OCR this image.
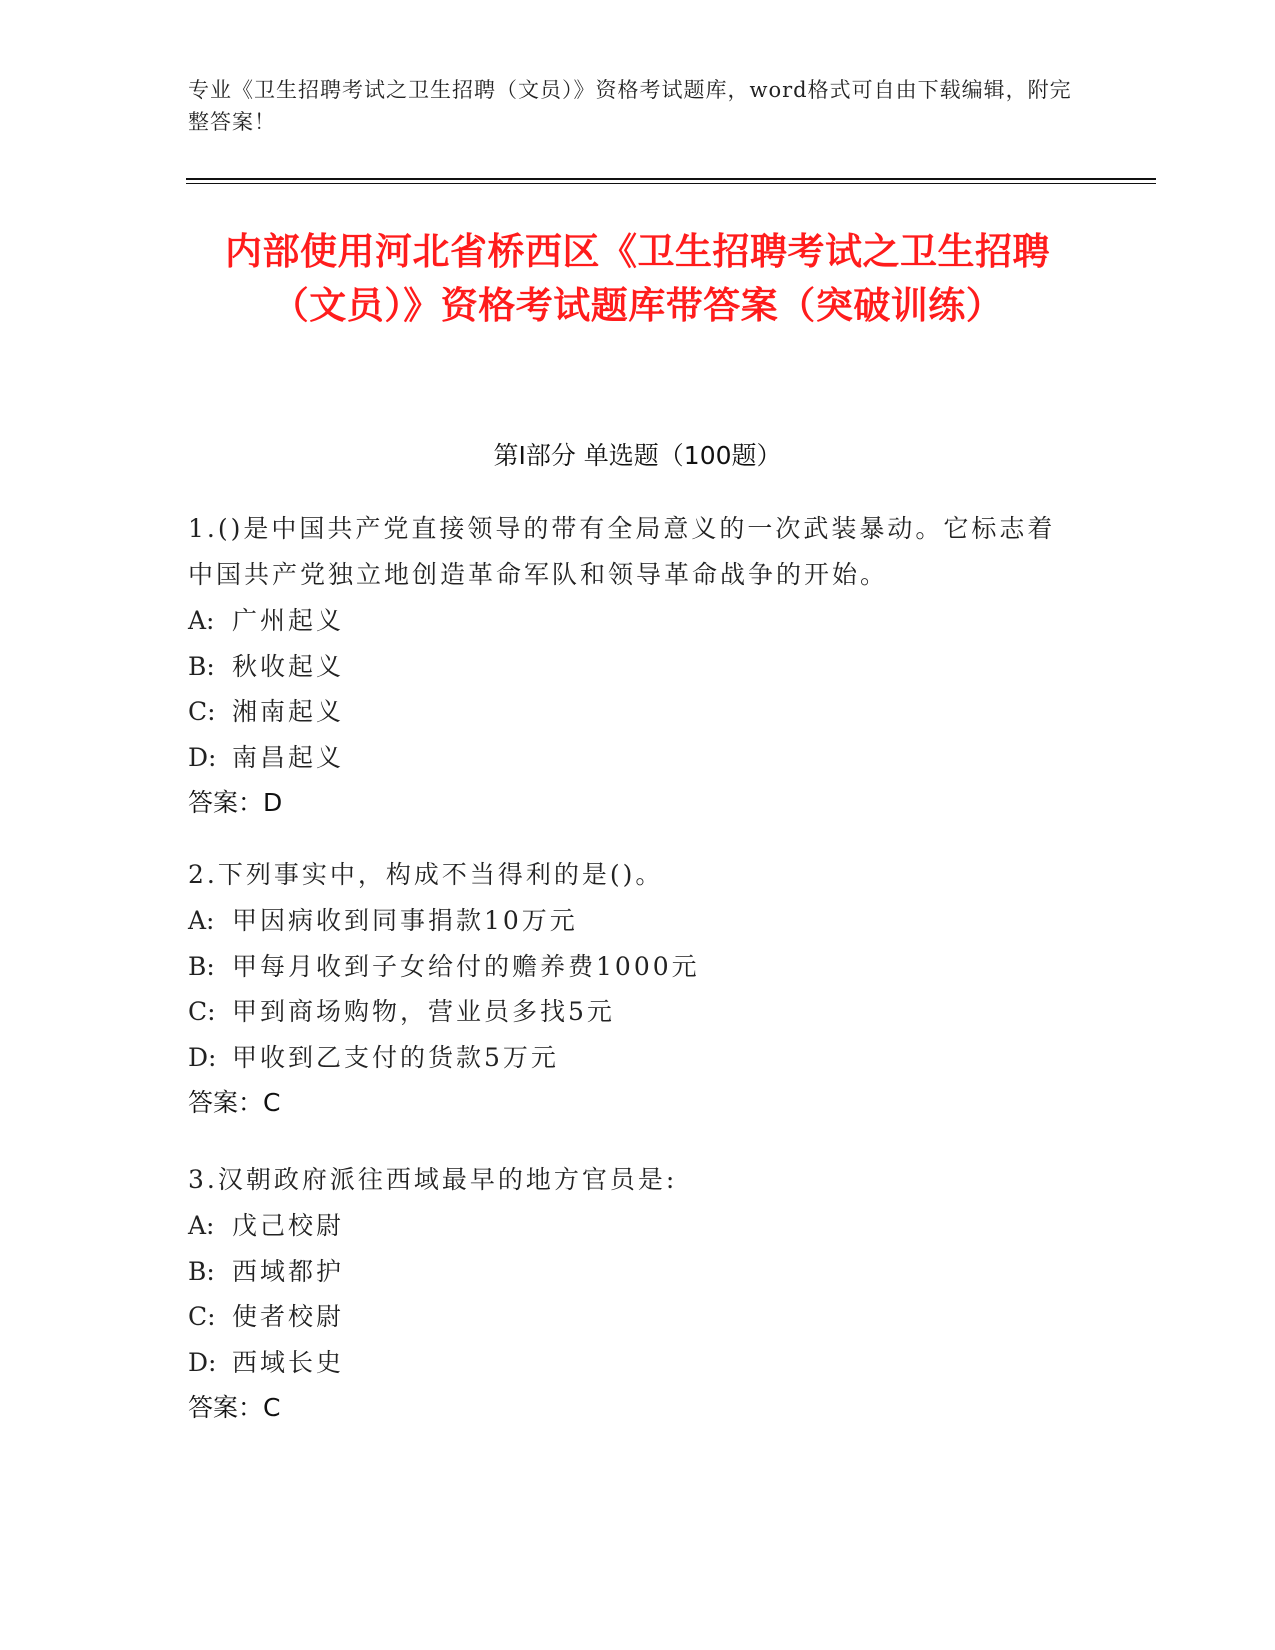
专业《卫生招聘考试之卫生招聘（文员）》资格考试题库，word格式可自由下载编辑，附完整答案！
内部使用河北省桥西区《卫生招聘考试之卫生招聘（文员）》资格考试题库带答案（突破训练）
第Ⅰ部分 单选题（100题）

1.()是中国共产党直接领导的带有全局意义的一次武装暴动。它标志着中国共产党独立地创造革命军队和领导革命战争的开始。

A: 广州起义
B: 秋收起义
C: 湘南起义
D: 南昌起义
答案：D

2.下列事实中，构成不当得利的是()。

A: 甲因病收到同事捐款10万元
B: 甲每月收到子女给付的赡养费1000元
C: 甲到商场购物，营业员多找5元
D: 甲收到乙支付的货款5万元
答案：C

3.汉朝政府派往西域最早的地方官员是:

A: 戊己校尉
B: 西域都护
C: 使者校尉
D: 西域长史
答案：C
